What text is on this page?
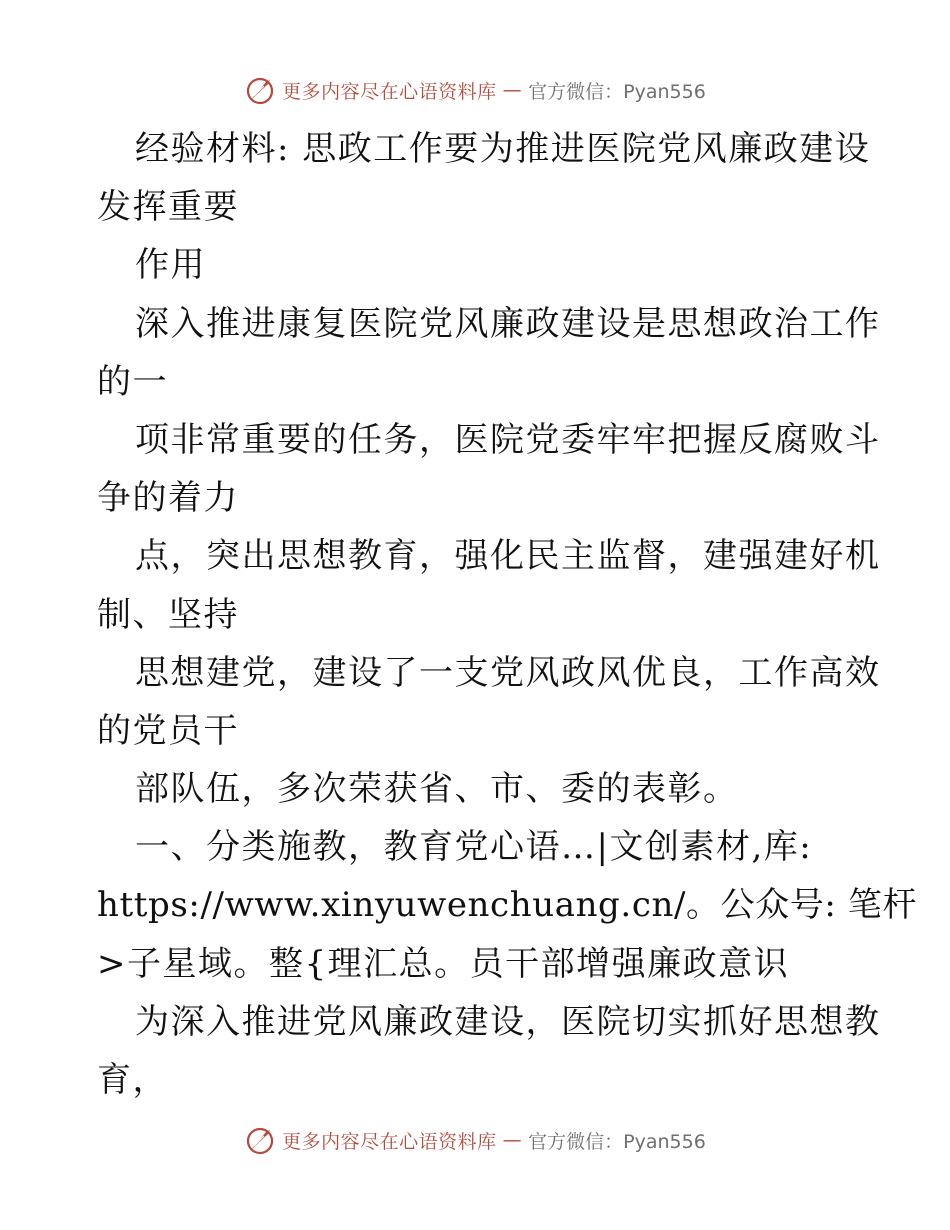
更多内容尽在心语资料库 — 官方微信：Pyan556
经验材料: 思政工作要为推进医院党风廉政建设
发挥重要
作用
深入推进康复医院党风廉政建设是思想政治工作
的一
项非常重要的任务，医院党委牢牢把握反腐败斗
争的着力
点，突出思想教育，强化民主监督，建强建好机
制、坚持
思想建党，建设了一支党风政风优良，工作高效
的党员干
部队伍，多次荣获省、市、委的表彰。
一、分类施教，教育党心语…|文创素材,库:
https://www.xinyuwenchuang.cn/。公众号: 笔杆
>子星域。整{理汇总。员干部增强廉政意识
为深入推进党风廉政建设，医院切实抓好思想教
育，
更多内容尽在心语资料库 — 官方微信：Pyan556
